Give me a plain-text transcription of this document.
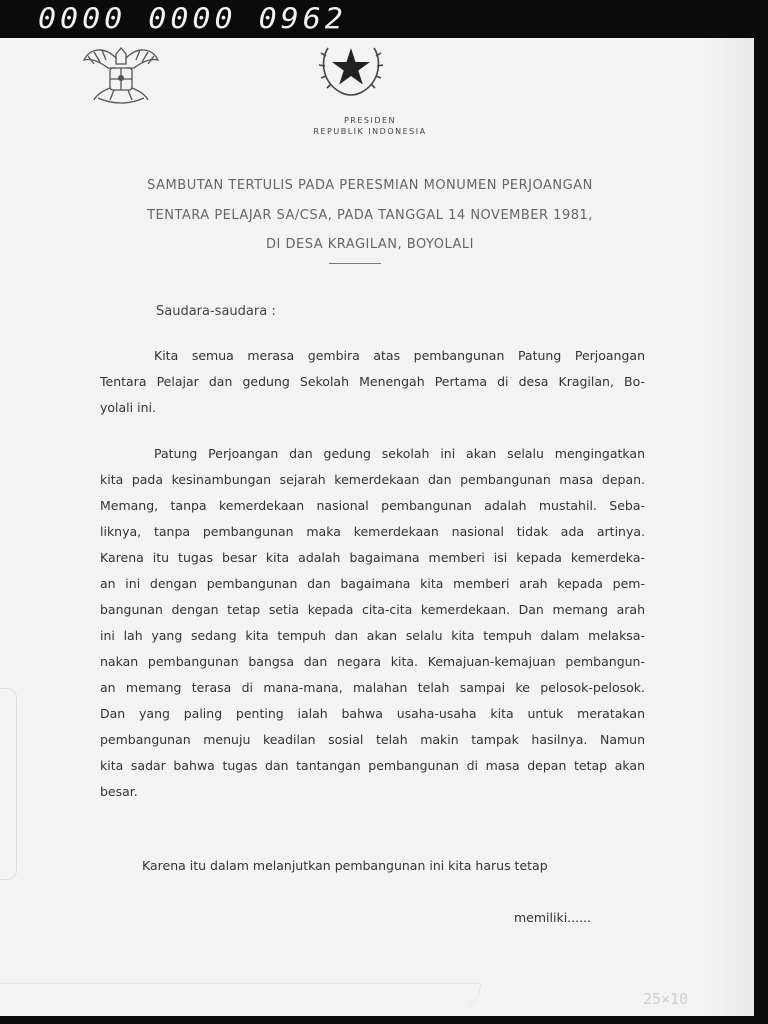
0000 0000 0962
PRESIDEN
REPUBLIK INDONESIA
SAMBUTAN TERTULIS PADA PERESMIAN MONUMEN PERJOANGAN
TENTARA PELAJAR SA/CSA, PADA TANGGAL 14 NOVEMBER 1981,
DI DESA KRAGILAN, BOYOLALI
Saudara-saudara :
Kita semua merasa gembira atas pembangunan Patung Perjoangan
Tentara Pelajar dan gedung Sekolah Menengah Pertama di desa Kragilan, Bo-
yolali ini.
Patung Perjoangan dan gedung sekolah ini akan selalu mengingatkan
kita pada kesinambungan sejarah kemerdekaan dan pembangunan masa depan.
Memang, tanpa kemerdekaan nasional pembangunan adalah mustahil. Seba-
liknya, tanpa pembangunan maka kemerdekaan nasional tidak ada artinya.
Karena itu tugas besar kita adalah bagaimana memberi isi kepada kemerdeka-
an ini dengan pembangunan dan bagaimana kita memberi arah kepada pem-
bangunan dengan tetap setia kepada cita-cita kemerdekaan. Dan memang arah
ini lah yang sedang kita tempuh dan akan selalu kita tempuh dalam melaksa-
nakan pembangunan bangsa dan negara kita. Kemajuan-kemajuan pembangun-
an memang terasa di mana-mana, malahan telah sampai ke pelosok-pelosok.
Dan yang paling penting ialah bahwa usaha-usaha kita untuk meratakan
pembangunan menuju keadilan sosial telah makin tampak hasilnya. Namun
kita sadar bahwa tugas dan tantangan pembangunan di masa depan tetap akan
besar.
Karena itu dalam melanjutkan pembangunan ini kita harus tetap
memiliki......
25×10
